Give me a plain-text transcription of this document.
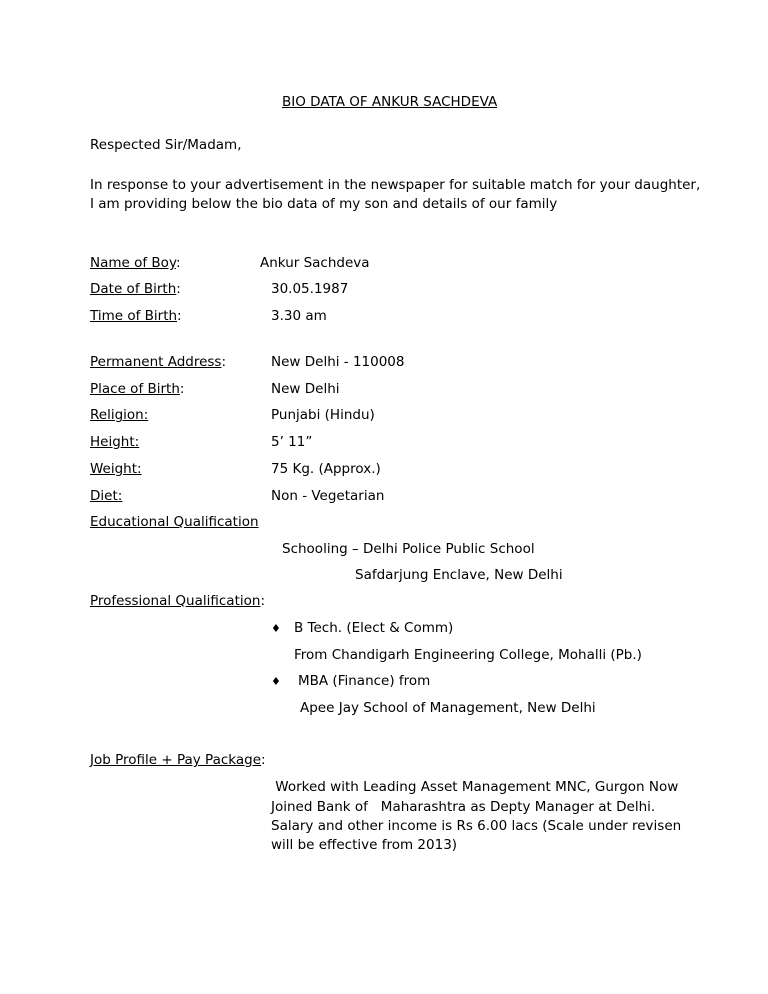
BIO DATA OF ANKUR SACHDEVA
Respected Sir/Madam,
In response to your advertisement in the newspaper for suitable match for your daughter,
I am providing below the bio data of my son and details of our family
Name of Boy:	Ankur Sachdeva
Date of Birth:	30.05.1987
Time of Birth:	3.30 am
Permanent Address:	New Delhi - 110008
Place of Birth:	New Delhi
Religion:	Punjabi (Hindu)
Height:	5’ 11”
Weight:	75 Kg. (Approx.)
Diet:	Non - Vegetarian
Educational Qualification
Schooling – Delhi Police Public School
Safdarjung Enclave, New Delhi
Professional Qualification:
♦ B Tech. (Elect & Comm)
From Chandigarh Engineering College, Mohalli (Pb.)
♦ MBA (Finance) from
Apee Jay School of Management, New Delhi
Job Profile + Pay Package:
Worked with Leading Asset Management MNC, Gurgon Now
Joined Bank of   Maharashtra as Depty Manager at Delhi.
Salary and other income is Rs 6.00 lacs (Scale under revisen
will be effective from 2013)
